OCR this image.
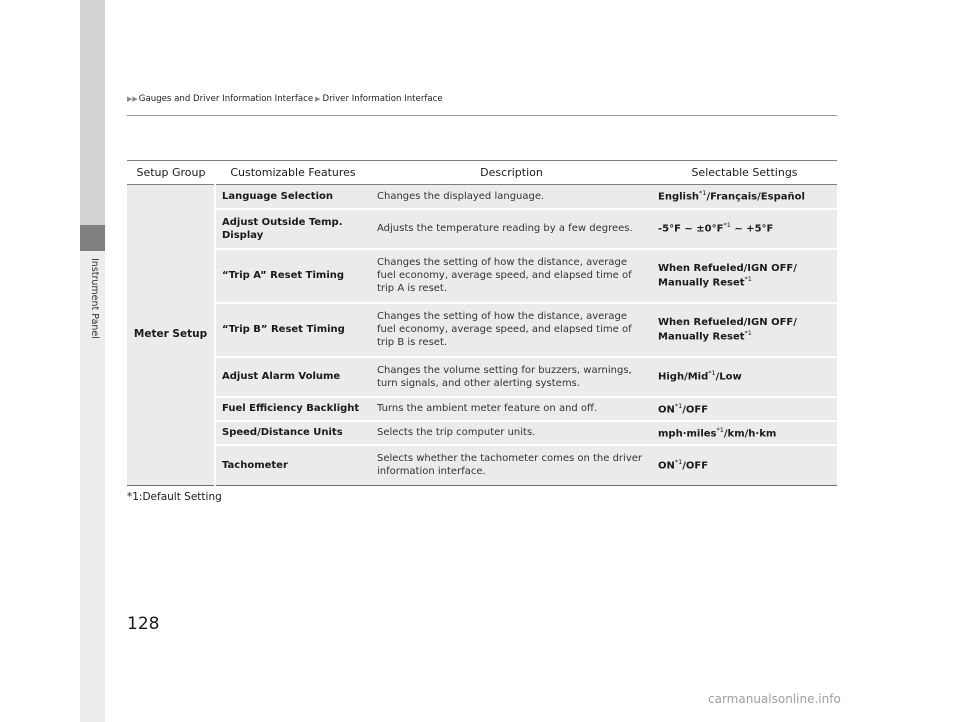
Instrument Panel
▶▶ Gauges and Driver Information Interface ▶ Driver Information Interface
Setup Group	Customizable Features	Description	Selectable Settings
Meter Setup	Language Selection	Changes the displayed language.	English$^{*1}$/Français/Español
	Adjust Outside Temp. Display	Adjusts the temperature reading by a few degrees.	-5°F ~ ±0°F$^{*1}$ ~ +5°F
	“Trip A” Reset Timing	Changes the setting of how the distance, average fuel economy, average speed, and elapsed time of trip A is reset.	When Refueled/IGN OFF/
Manually Reset$^{*1}$
	“Trip B” Reset Timing	Changes the setting of how the distance, average fuel economy, average speed, and elapsed time of trip B is reset.	When Refueled/IGN OFF/
Manually Reset$^{*1}$
	Adjust Alarm Volume	Changes the volume setting for buzzers, warnings, turn signals, and other alerting systems.	High/Mid$^{*1}$/Low
	Fuel Efficiency Backlight	Turns the ambient meter feature on and off.	ON$^{*1}$/OFF
	Speed/Distance Units	Selects the trip computer units.	mph·miles$^{*1}$/km/h·km
	Tachometer	Selects whether the tachometer comes on the driver information interface.	ON$^{*1}$/OFF
*1:Default Setting
128
carmanualsonline.info
